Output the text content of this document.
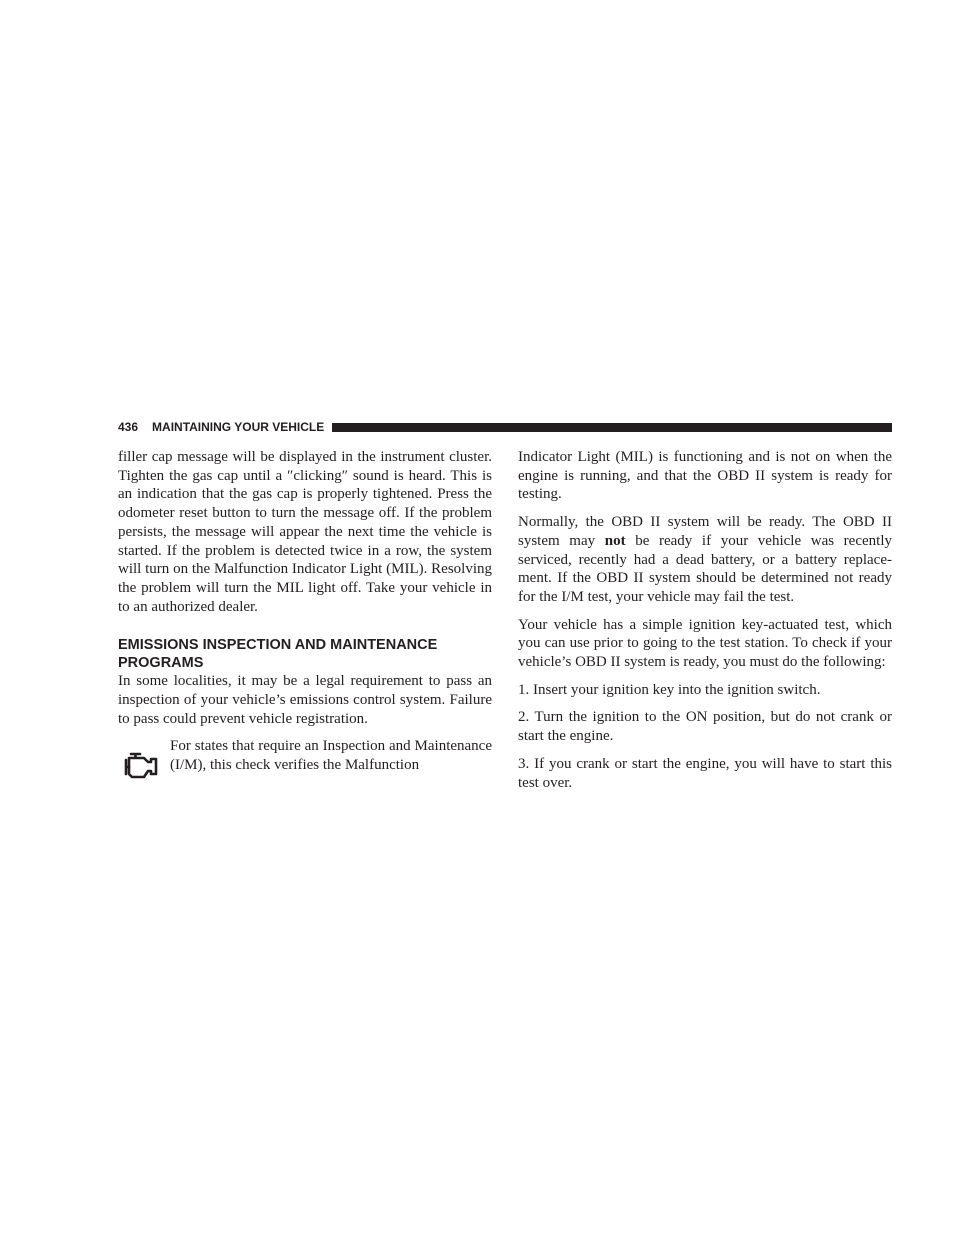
436 MAINTAINING YOUR VEHICLE

filler cap message will be displayed in the instrument cluster. Tighten the gas cap until a ″clicking″ sound is heard. This is an indication that the gas cap is properly tightened. Press the odometer reset button to turn the message off. If the problem persists, the message will appear the next time the vehicle is started. If the problem is detected twice in a row, the system will turn on the Malfunction Indicator Light (MIL). Resolving the problem will turn the MIL light off. Take your vehicle in to an authorized dealer.

EMISSIONS INSPECTION AND MAINTENANCE PROGRAMS

In some localities, it may be a legal requirement to pass an inspection of your vehicle’s emissions control system. Failure to pass could prevent vehicle registration.

For states that require an Inspection and Maintenance (I/M), this check verifies the Malfunction

Indicator Light (MIL) is functioning and is not on when the engine is running, and that the OBD II system is ready for testing.

Normally, the OBD II system will be ready. The OBD II system may not be ready if your vehicle was recently serviced, recently had a dead battery, or a battery replacement. If the OBD II system should be determined not ready for the I/M test, your vehicle may fail the test.

Your vehicle has a simple ignition key-actuated test, which you can use prior to going to the test station. To check if your vehicle’s OBD II system is ready, you must do the following:

1. Insert your ignition key into the ignition switch.

2. Turn the ignition to the ON position, but do not crank or start the engine.

3. If you crank or start the engine, you will have to start this test over.
